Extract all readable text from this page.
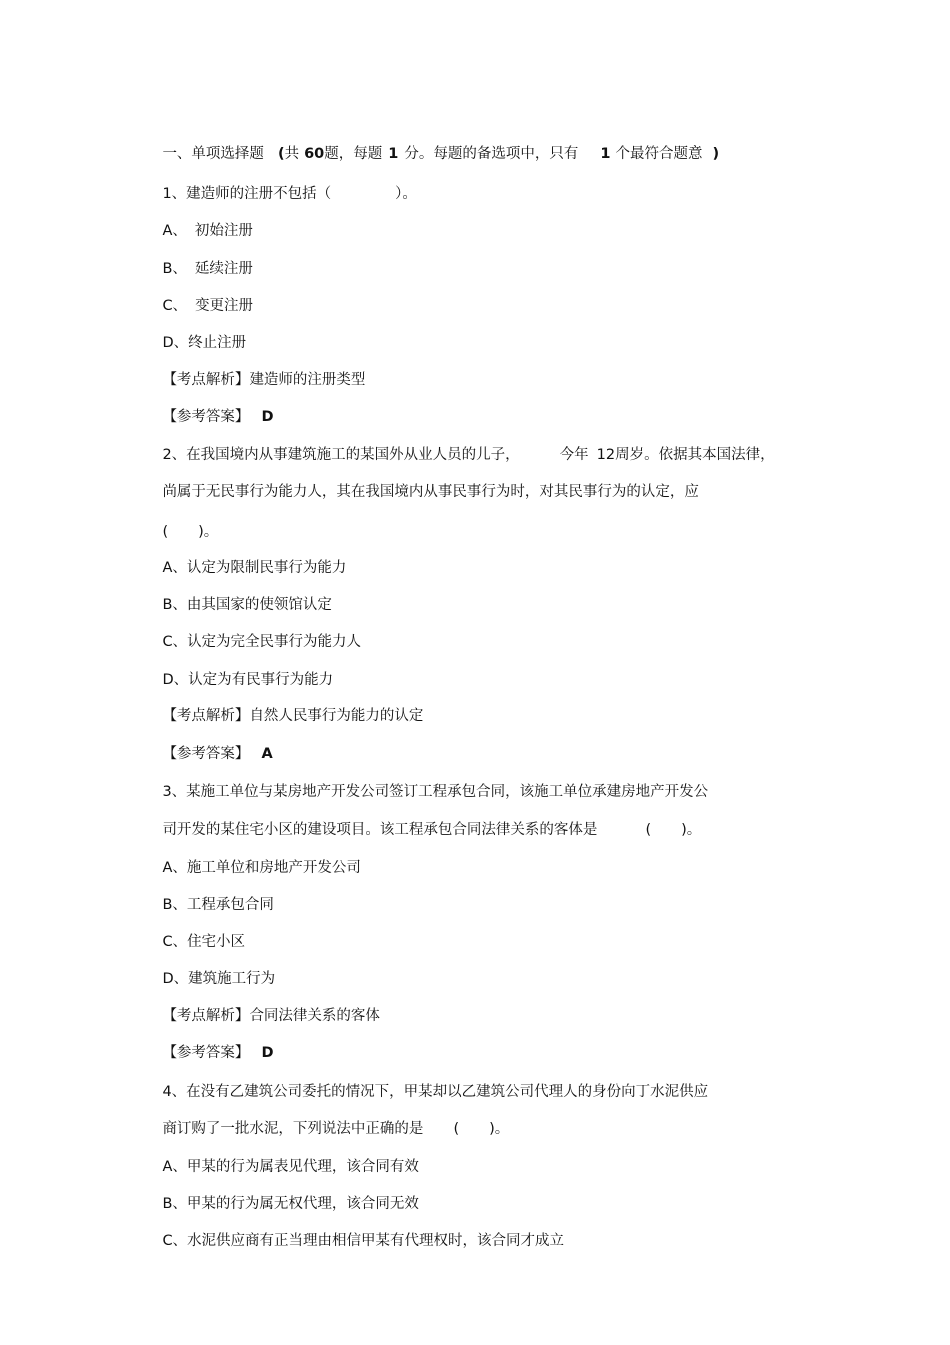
一、单项选择题 (共 60题，每题 1 分。每题的备选项中，只有 1 个最符合题意 )

1、建造师的注册不包括（	）。

A、 初始注册

B、 延续注册

C、 变更注册

D、终止注册

【考点解析】建造师的注册类型

【参考答案】 D

2、在我国境内从事建筑施工的某国外从业人员的儿子，	今年 12周岁。依据其本国法律，

尚属于无民事行为能力人，其在我国境内从事民事行为时，对其民事行为的认定，应

( )。

A、认定为限制民事行为能力

B、由其国家的使领馆认定

C、认定为完全民事行为能力人

D、认定为有民事行为能力

【考点解析】自然人民事行为能力的认定

【参考答案】 A

3、某施工单位与某房地产开发公司签订工程承包合同，该施工单位承建房地产开发公

司开发的某住宅小区的建设项目。该工程承包合同法律关系的客体是	( )。

A、施工单位和房地产开发公司

B、工程承包合同

C、住宅小区

D、建筑施工行为

【考点解析】合同法律关系的客体

【参考答案】 D

4、在没有乙建筑公司委托的情况下，甲某却以乙建筑公司代理人的身份向丁水泥供应

商订购了一批水泥，下列说法中正确的是 ( )。

A、甲某的行为属表见代理，该合同有效

B、甲某的行为属无权代理，该合同无效

C、水泥供应商有正当理由相信甲某有代理权时，该合同才成立
